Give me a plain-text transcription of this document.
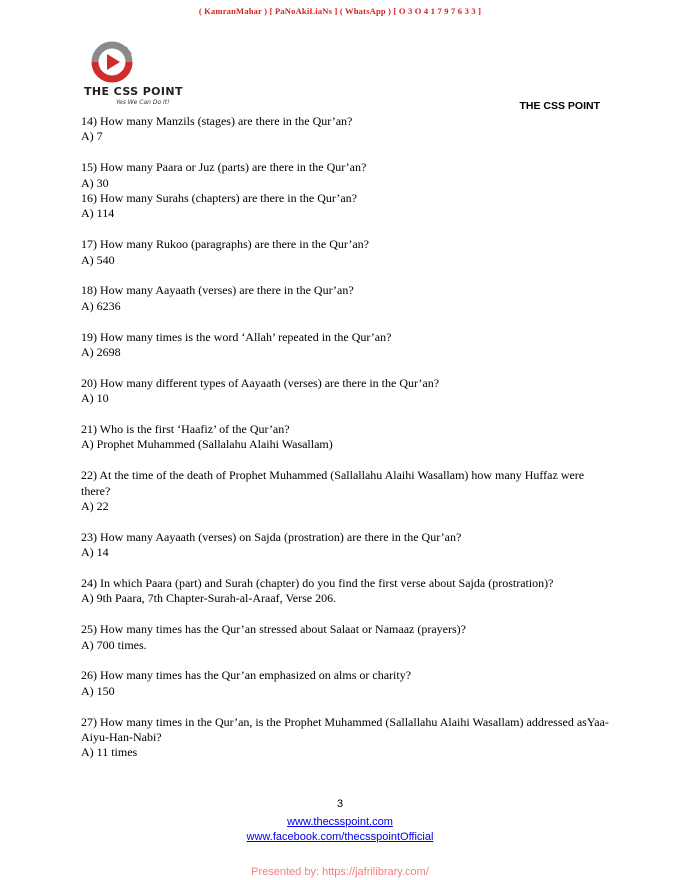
( KamranMahar ) [ PaNoAkiLiaNs ] ( WhatsApp ) [ O 3 O 4 1 7 9 7 6 3 3 ]
THE CSS POINT
Yes We Can Do It!	THE CSS POINT

14) How many Manzils (stages) are there in the Qur’an?

A) 7

15) How many Paara or Juz (parts) are there in the Qur’an?

A) 30

16) How many Surahs (chapters) are there in the Qur’an?

A) 114

17) How many Rukoo (paragraphs) are there in the Qur’an?

A) 540

18) How many Aayaath (verses) are there in the Qur’an?

A) 6236

19) How many times is the word ‘Allah’ repeated in the Qur’an?

A) 2698

20) How many different types of Aayaath (verses) are there in the Qur’an?

A) 10

21) Who is the first ‘Haafiz’ of the Qur’an?

A) Prophet Muhammed (Sallalahu Alaihi Wasallam)

22) At the time of the death of Prophet Muhammed (Sallallahu Alaihi Wasallam) how many Huffaz were there?

A) 22

23) How many Aayaath (verses) on Sajda (prostration) are there in the Qur’an?

A) 14

24) In which Paara (part) and Surah (chapter) do you find the first verse about Sajda (prostration)?

A) 9th Paara, 7th Chapter-Surah-al-Araaf, Verse 206.

25) How many times has the Qur’an stressed about Salaat or Namaaz (prayers)?

A) 700 times.

26) How many times has the Qur’an emphasized on alms or charity?

A) 150

27) How many times in the Qur’an, is the Prophet Muhammed (Sallallahu Alaihi Wasallam) addressed asYaa-Aiyu-Han-Nabi?

A) 11 times

3
www.thecsspoint.com
www.facebook.com/thecsspointOfficial
Presented by: https://jafrilibrary.com/
